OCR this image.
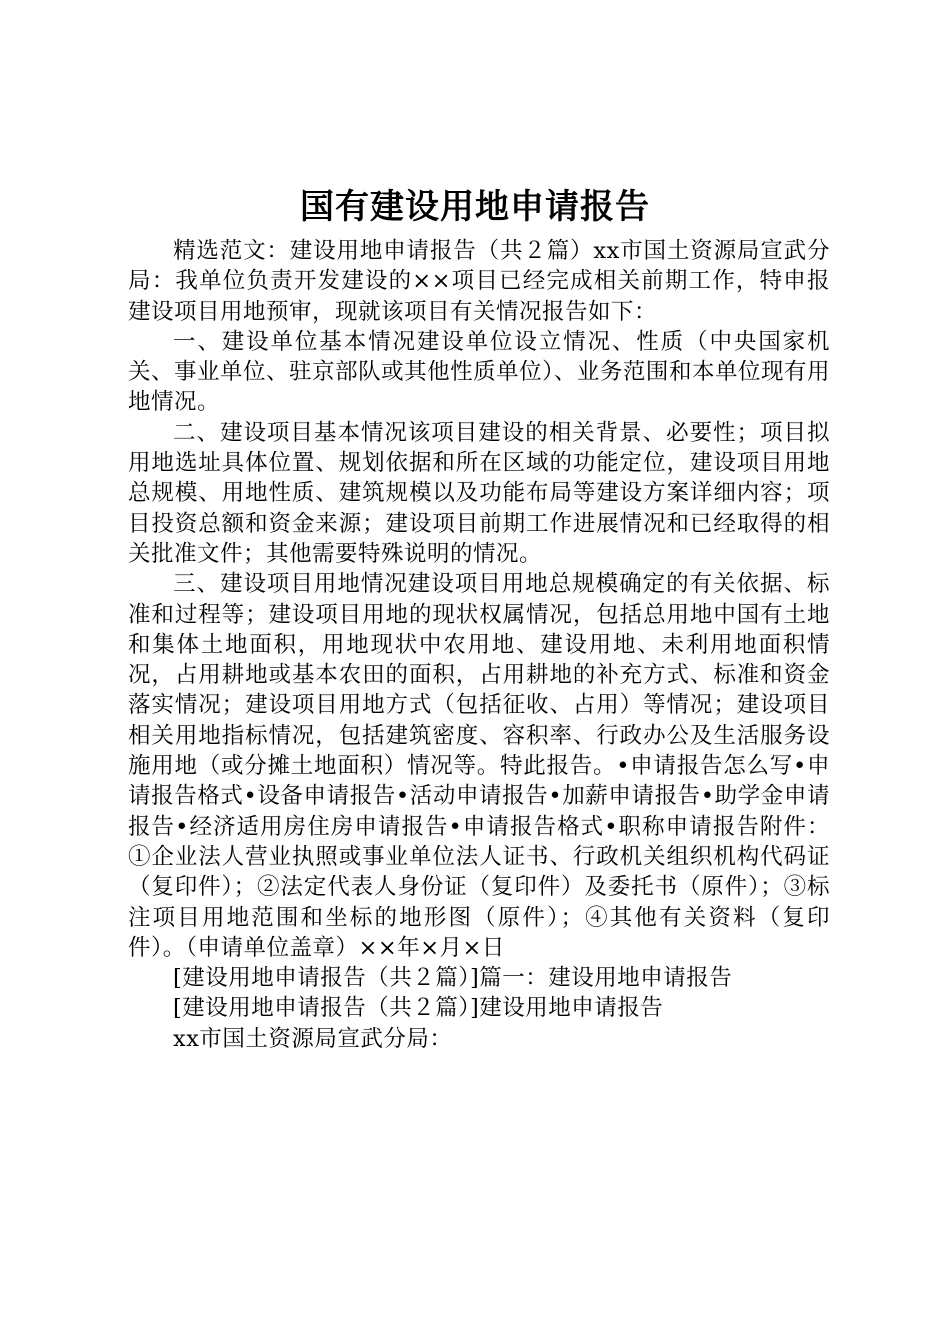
国有建设用地申请报告

精选范文：建设用地申请报告（共２篇）xx市国土资源局宣武分局：我单位负责开发建设的××项目已经完成相关前期工作，特申报建设项目用地预审，现就该项目有关情况报告如下：

一、建设单位基本情况建设单位设立情况、性质（中央国家机关、事业单位、驻京部队或其他性质单位）、业务范围和本单位现有用地情况。

二、建设项目基本情况该项目建设的相关背景、必要性；项目拟用地选址具体位置、规划依据和所在区域的功能定位，建设项目用地总规模、用地性质、建筑规模以及功能布局等建设方案详细内容；项目投资总额和资金来源；建设项目前期工作进展情况和已经取得的相关批准文件；其他需要特殊说明的情况。

三、建设项目用地情况建设项目用地总规模确定的有关依据、标准和过程等；建设项目用地的现状权属情况，包括总用地中国有土地和集体土地面积，用地现状中农用地、建设用地、未利用地面积情况，占用耕地或基本农田的面积，占用耕地的补充方式、标准和资金落实情况；建设项目用地方式（包括征收、占用）等情况；建设项目相关用地指标情况，包括建筑密度、容积率、行政办公及生活服务设施用地（或分摊土地面积）情况等。特此报告。•申请报告怎么写•申请报告格式•设备申请报告•活动申请报告•加薪申请报告•助学金申请报告•经济适用房住房申请报告•申请报告格式•职称申请报告附件：①企业法人营业执照或事业单位法人证书、行政机关组织机构代码证（复印件）；②法定代表人身份证（复印件）及委托书（原件）；③标注项目用地范围和坐标的地形图（原件）；④其他有关资料（复印件）。（申请单位盖章）××年×月×日

[建设用地申请报告（共２篇）]篇一：建设用地申请报告

[建设用地申请报告（共２篇）]建设用地申请报告

xx市国土资源局宣武分局：
